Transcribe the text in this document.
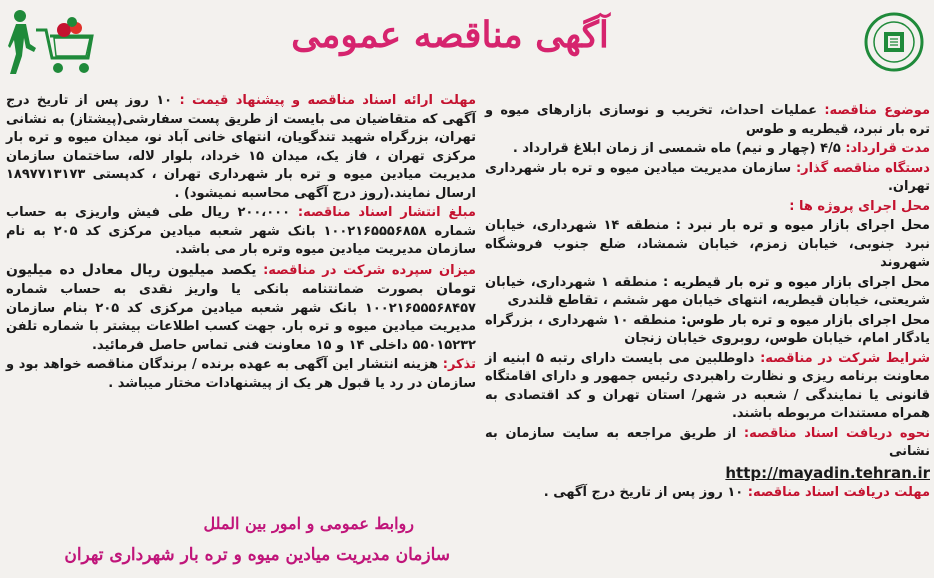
آگهی مناقصه عمومی

موضوع مناقصه: عملیات احداث، تخریب و نوسازی بازارهای میوه و تره بار نبرد، قیطریه و طوس

مدت قرارداد: ۴/۵ (چهار و نیم) ماه شمسی از زمان ابلاغ قرارداد .

دستگاه مناقصه گذار: سازمان مدیریت میادین میوه و تره بار شهرداری تهران.

محل اجرای پروژه ها :

محل اجرای بازار میوه و تره بار نبرد : منطقه ۱۴ شهرداری، خیابان نبرد جنوبی، خیابان زمزم، خیابان شمشاد، ضلع جنوب فروشگاه شهروند

محل اجرای بازار میوه و تره بار قیطریه : منطقه ۱ شهرداری، خیابان شریعتی، خیابان قیطریه، انتهای خیابان مهر ششم ، تقاطع قلندری

محل اجرای بازار میوه و تره بار طوس: منطقه ۱۰ شهرداری ، بزرگراه یادگار امام، خیابان طوس، روبروی خیابان زنجان

شرایط شرکت در مناقصه: داوطلبین می بایست دارای رتبه ۵ ابنیه از معاونت برنامه ریزی و نظارت راهبردی رئیس جمهور و دارای اقامتگاه قانونی یا نمایندگی / شعبه در شهر/ استان تهران و کد اقتصادی به همراه مستندات مربوطه باشند.

نحوه دریافت اسناد مناقصه: از طریق مراجعه به سایت سازمان به نشانی

http://mayadin.tehran.ir

مهلت دریافت اسناد مناقصه: ۱۰ روز پس از تاریخ درج آگهی .

مهلت ارائه اسناد مناقصه و پیشنهاد قیمت : ۱۰ روز پس از تاریخ درج آگهی که متقاضیان می بایست از طریق پست سفارشی(پیشتاز) به نشانی تهران، بزرگراه شهید تندگویان، انتهای خانی آباد نو، میدان میوه و تره بار مرکزی تهران ، فاز یک، میدان ۱۵ خرداد، بلوار لاله، ساختمان سازمان مدیریت میادین میوه و تره بار شهرداری تهران ، کدپستی ۱۸۹۷۷۱۳۱۷۳ ارسال نمایند.(روز درج آگهی محاسبه نمیشود) .

مبلغ انتشار اسناد مناقصه: ۲۰۰،۰۰۰ ریال طی فیش واریزی به حساب شماره ۱۰۰۲۱۶۵۵۵۶۸۵۸ بانک شهر شعبه میادین مرکزی کد ۲۰۵ به نام سازمان مدیریت میادین میوه وتره بار می باشد.

میزان سپرده شرکت در مناقصه: یکصد میلیون ریال معادل ده میلیون تومان بصورت ضمانتنامه بانکی یا واریز نقدی به حساب شماره ۱۰۰۲۱۶۵۵۵۶۸۴۵۷ بانک شهر شعبه میادین مرکزی کد ۲۰۵ بنام سازمان مدیریت میادین میوه و تره بار. جهت کسب اطلاعات بیشتر با شماره تلفن ۵۵۰۱۵۲۳۲ داخلی ۱۴ و ۱۵ معاونت فنی تماس حاصل فرمائید.

تذکر: هزینه انتشار این آگهی به عهده برنده / برندگان مناقصه خواهد بود و سازمان در رد یا قبول هر یک از پیشنهادات مختار میباشد .

روابط عمومی و امور بین الملل
سازمان مدیریت میادین میوه و تره بار شهرداری تهران
